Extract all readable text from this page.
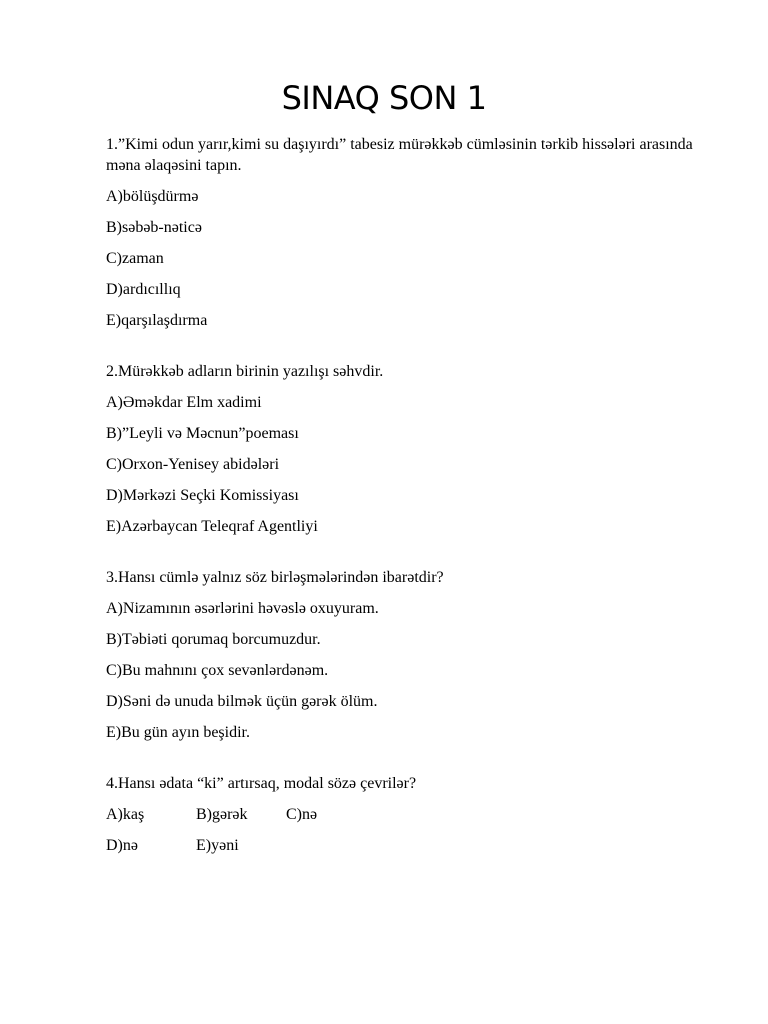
SINAQ SON 1

1.”Kimi odun yarır,kimi su daşıyırdı” tabesiz mürəkkəb cümləsinin tərkib hissələri arasında məna əlaqəsini tapın.

A)bölüşdürmə
B)səbəb-nəticə
C)zaman
D)ardıcıllıq
E)qarşılaşdırma

2.Mürəkkəb adların birinin yazılışı səhvdir.

A)Əməkdar Elm xadimi
B)”Leyli və Məcnun”poeması
C)Orxon-Yenisey abidələri
D)Mərkəzi Seçki Komissiyası
E)Azərbaycan Teleqraf Agentliyi

3.Hansı cümlə yalnız söz birləşmələrindən ibarətdir?

A)Nizamının əsərlərini həvəslə oxuyuram.
B)Təbiəti qorumaq borcumuzdur.
C)Bu mahnını çox sevənlərdənəm.
D)Səni də unuda bilmək üçün gərək ölüm.
E)Bu gün ayın beşidir.

4.Hansı ədata “ki” artırsaq, modal sözə çevrilər?

A)kaş	B)gərək	C)nə
D)nə	E)yəni
